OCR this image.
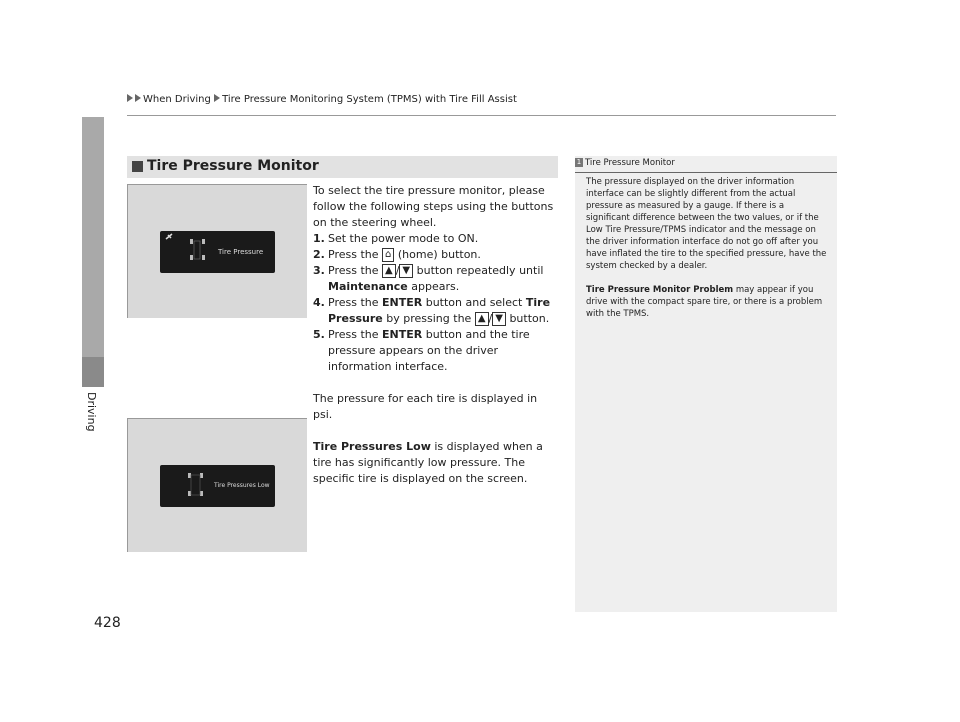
When Driving Tire Pressure Monitoring System (TPMS) with Tire Fill Assist
Driving
428
Tire Pressure Monitor
Tire Pressure
Tire Pressures Low

To select the tire pressure monitor, please follow the following steps using the buttons on the steering wheel.

1. Set the power mode to ON.
2. Press the ⌂ (home) button.
3. Press the ▲ / ▼ button repeatedly until Maintenance appears.
4. Press the ENTER button and select Tire Pressure by pressing the ▲ / ▼ button.
5. Press the ENTER button and the tire pressure appears on the driver information interface.

The pressure for each tire is displayed in psi.

Tire Pressures Low is displayed when a tire has significantly low pressure. The specific tire is displayed on the screen.

1 Tire Pressure Monitor

The pressure displayed on the driver information interface can be slightly different from the actual pressure as measured by a gauge. If there is a significant difference between the two values, or if the Low Tire Pressure/TPMS indicator and the message on the driver information interface do not go off after you have inflated the tire to the specified pressure, have the system checked by a dealer.

Tire Pressure Monitor Problem may appear if you drive with the compact spare tire, or there is a problem with the TPMS.
